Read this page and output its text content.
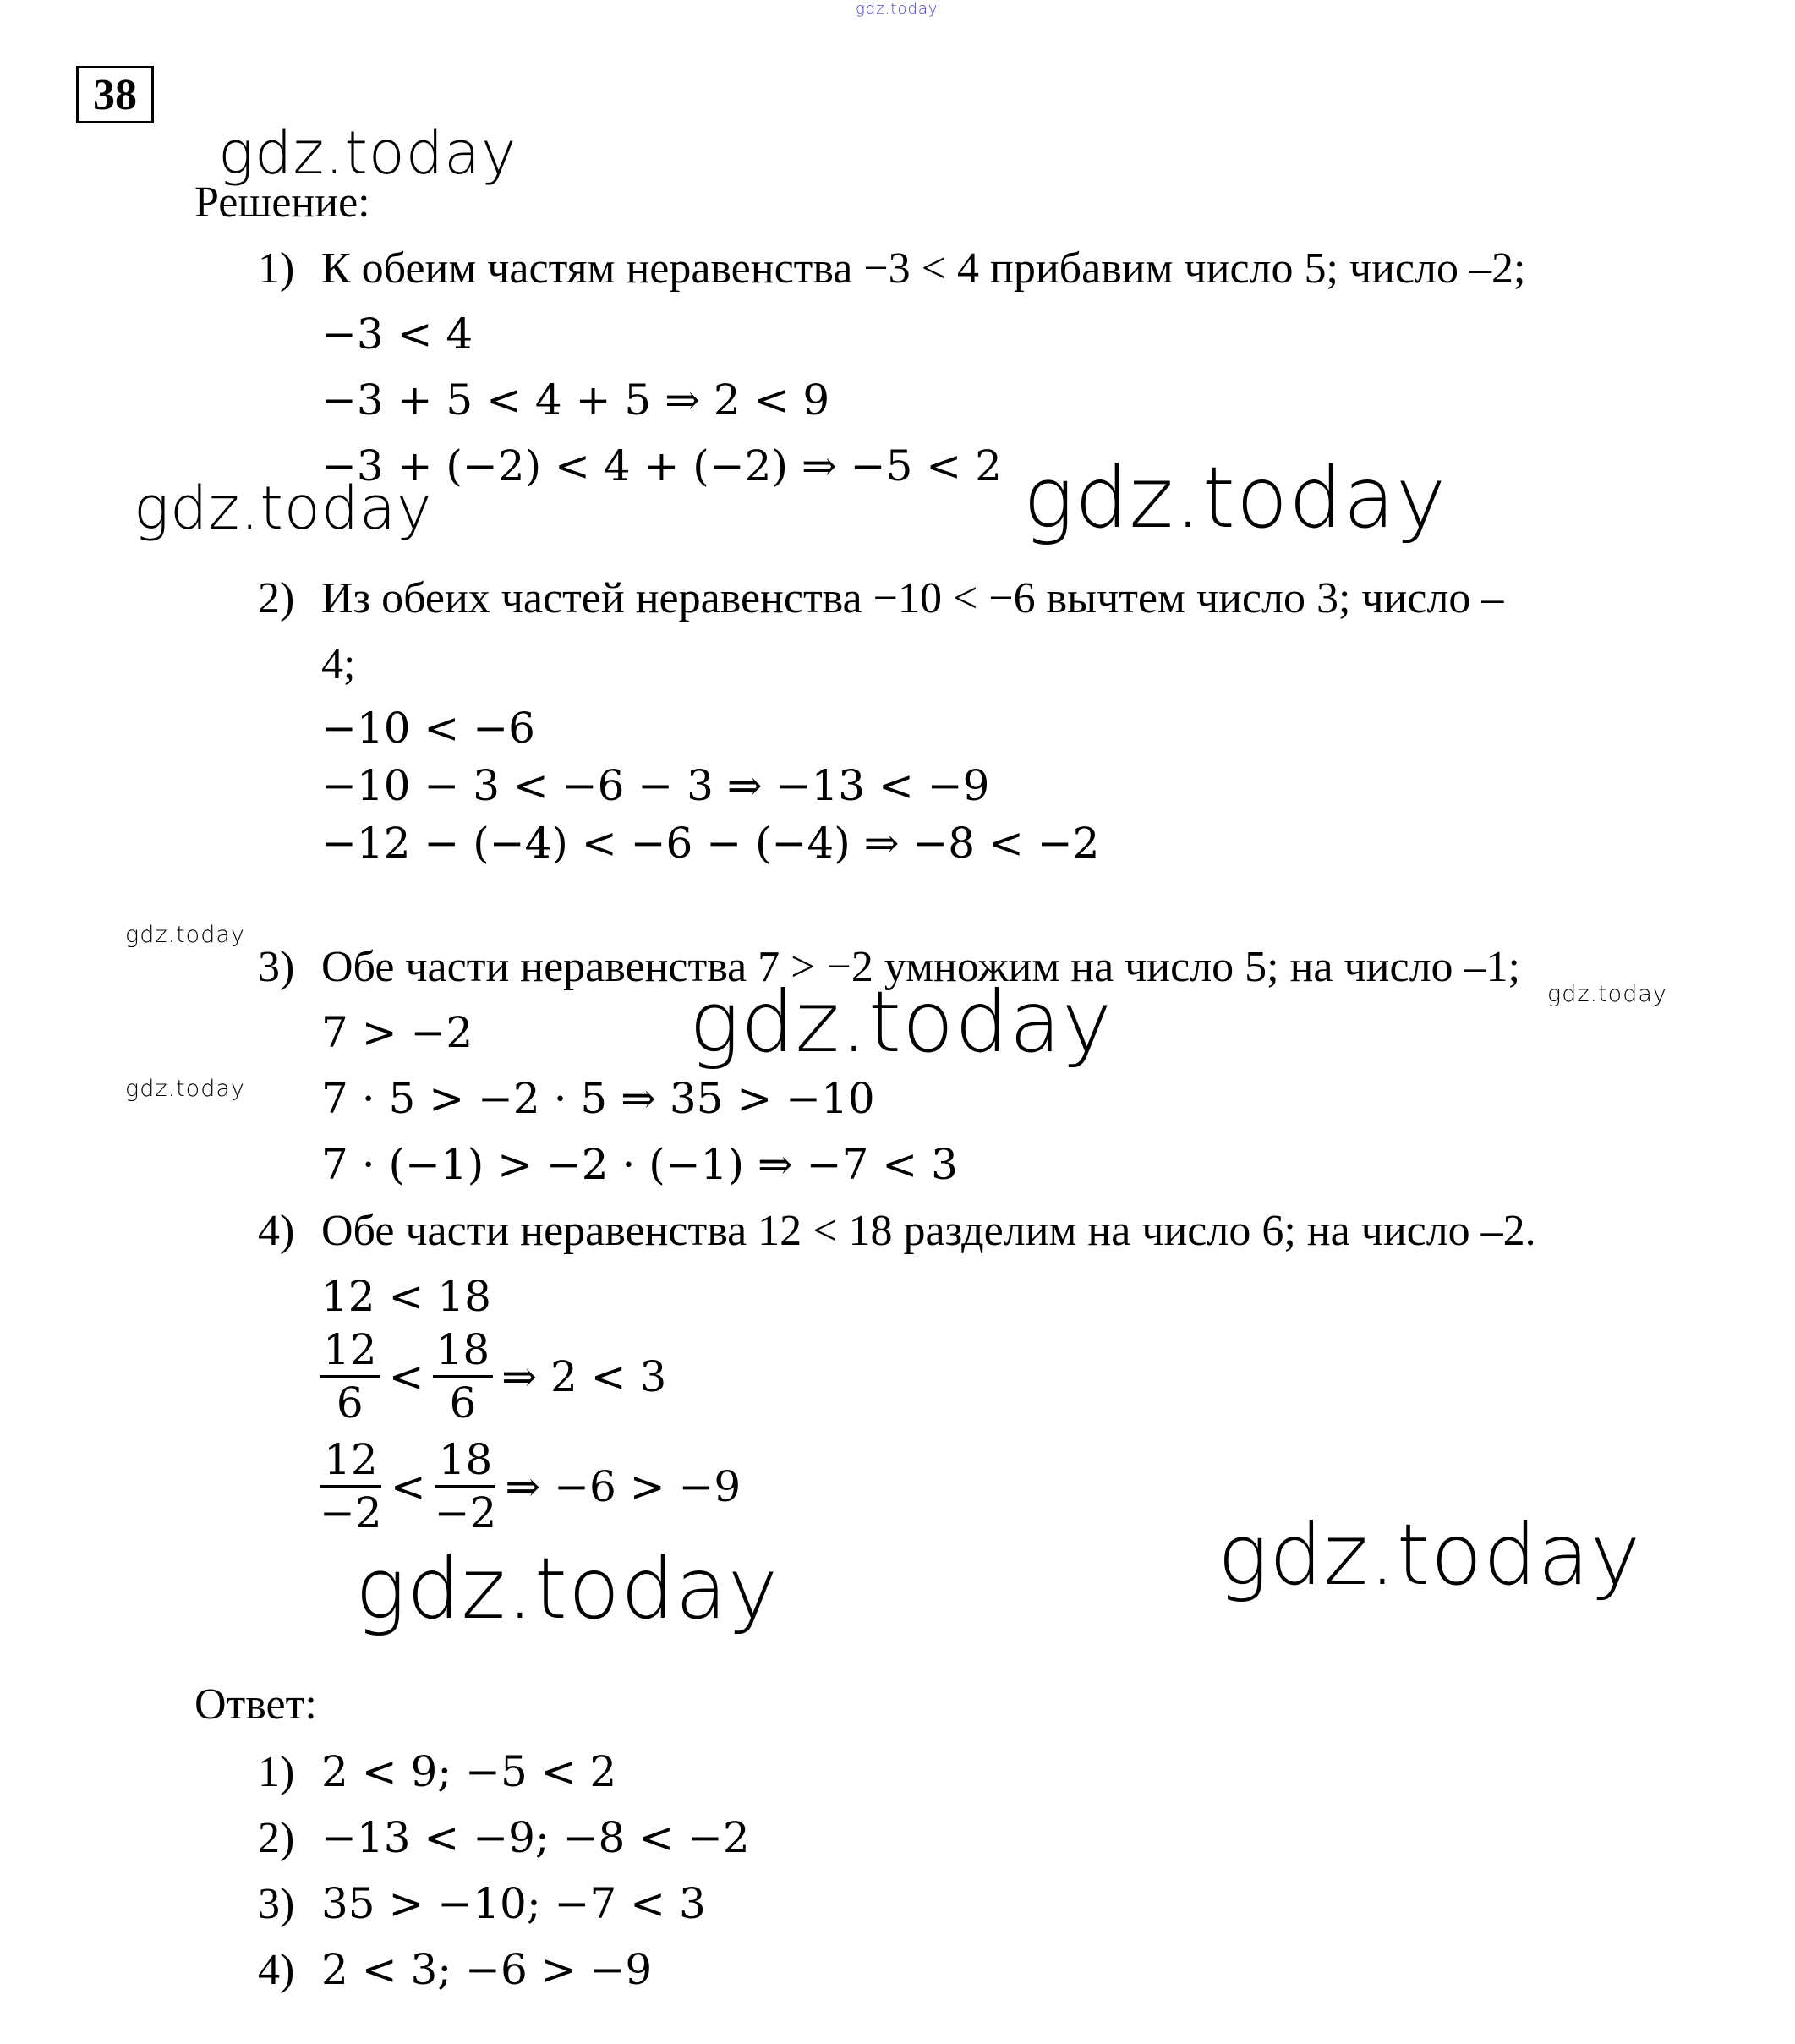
gdz.today
gdz.today
gdz.today	gdz.today
gdz.today
gdz.today
gdz.today
gdz.today
gdz.today
gdz.today
38
Решение:
1) К обеим частям неравенства −3 < 4 прибавим число 5; число –2;
−3 < 4
−3 + 5 < 4 + 5 ⇒ 2 < 9
−3 + (−2) < 4 + (−2) ⇒ −5 < 2
2) Из обеих частей неравенства −10 < −6 вычтем число 3; число –
4;
−10 < −6
−10 − 3 < −6 − 3 ⇒ −13 < −9
−12 − (−4) < −6 − (−4) ⇒ −8 < −2
3) Обе части неравенства 7 > −2 умножим на число 5; на число –1;
7 > −2
7 · 5 > −2 · 5 ⇒ 35 > −10
7 · (−1) > −2 · (−1) ⇒ −7 < 3
4) Обе части неравенства 12 < 18 разделим на число 6; на число –2.
12 < 18
$\frac{12}{6} < \frac{18}{6}$ ⇒ 2 < 3
$\frac{12}{-2} < \frac{18}{-2}$ ⇒ −6 > −9
Ответ:
1) 2 < 9; −5 < 2
2) −13 < −9; −8 < −2
3) 35 > −10; −7 < 3
4) 2 < 3; −6 > −9
